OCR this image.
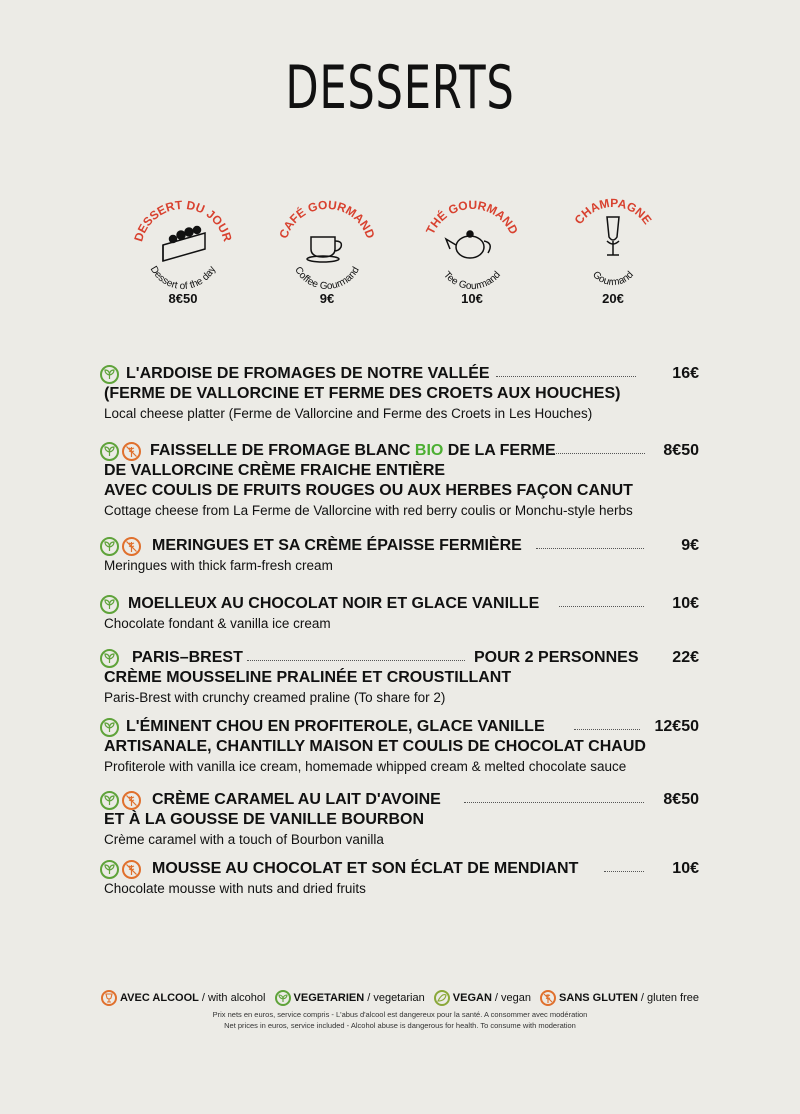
DESSERTS
DESSERT DU JOUR
Dessert of the day
8€50
CAFÉ GOURMAND
Coffee Gourmand
9€
THÉ GOURMAND
Tee Gourmand
10€
CHAMPAGNE
Gourmand
20€
L'ARDOISE DE FROMAGES DE NOTRE VALLÉE	16€
(FERME DE VALLORCINE ET FERME DES CROETS AUX HOUCHES)
Local cheese platter (Ferme de Vallorcine and Ferme des Croets in Les Houches)
FAISSELLE DE FROMAGE BLANC BIO DE LA FERME	8€50
DE VALLORCINE CRÈME FRAICHE ENTIÈRE
AVEC COULIS DE FRUITS ROUGES OU AUX HERBES FAÇON CANUT
Cottage cheese from La Ferme de Vallorcine with red berry coulis or Monchu-style herbs
MERINGUES ET SA CRÈME ÉPAISSE FERMIÈRE	9€
Meringues with thick farm-fresh cream
MOELLEUX AU CHOCOLAT NOIR ET GLACE VANILLE	10€
Chocolate fondant & vanilla ice cream
PARIS–BREST	POUR 2 PERSONNES	22€
CRÈME MOUSSELINE PRALINÉE ET CROUSTILLANT
Paris-Brest with crunchy creamed praline (To share for 2)
L'ÉMINENT CHOU EN PROFITEROLE, GLACE VANILLE	12€50
ARTISANALE, CHANTILLY MAISON ET COULIS DE CHOCOLAT CHAUD
Profiterole with vanilla ice cream, homemade whipped cream & melted chocolate sauce
CRÈME CARAMEL AU LAIT D'AVOINE	8€50
ET À LA GOUSSE DE VANILLE BOURBON
Crème caramel with a touch of Bourbon vanilla
MOUSSE AU CHOCOLAT ET SON ÉCLAT DE MENDIANT	10€
Chocolate mousse with nuts and dried fruits
AVEC ALCOOL / with alcohol
	VEGETARIEN / vegetarian
	VEGAN / vegan
	SANS GLUTEN / gluten free
Prix nets en euros, service compris - L'abus d'alcool est dangereux pour la santé. A consommer avec modération
Net prices in euros, service included - Alcohol abuse is dangerous for health. To consume with moderation
